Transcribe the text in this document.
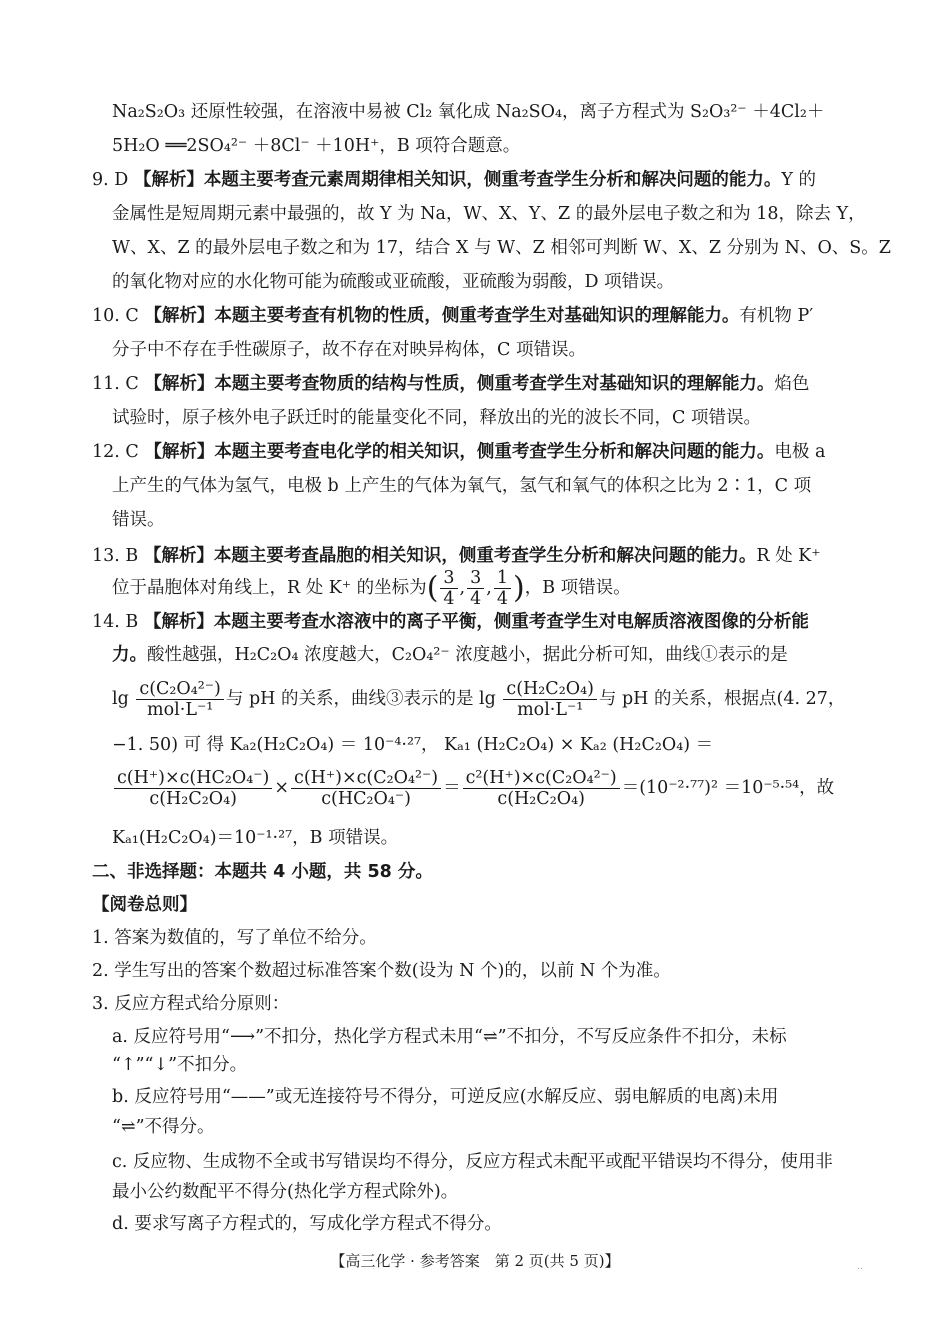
Na₂S₂O₃ 还原性较强，在溶液中易被 Cl₂ 氧化成 Na₂SO₄，离子方程式为 S₂O₃²⁻ ＋4Cl₂＋
5H₂O ══2SO₄²⁻ ＋8Cl⁻ ＋10H⁺，B 项符合题意。
9. D 【解析】本题主要考查元素周期律相关知识，侧重考查学生分析和解决问题的能力。Y 的
金属性是短周期元素中最强的，故 Y 为 Na，W、X、Y、Z 的最外层电子数之和为 18，除去 Y，
W、X、Z 的最外层电子数之和为 17，结合 X 与 W、Z 相邻可判断 W、X、Z 分别为 N、O、S。Z
的氧化物对应的水化物可能为硫酸或亚硫酸，亚硫酸为弱酸，D 项错误。
10. C 【解析】本题主要考查有机物的性质，侧重考查学生对基础知识的理解能力。有机物 P′
分子中不存在手性碳原子，故不存在对映异构体，C 项错误。
11. C 【解析】本题主要考查物质的结构与性质，侧重考查学生对基础知识的理解能力。焰色
试验时，原子核外电子跃迁时的能量变化不同，释放出的光的波长不同，C 项错误。
12. C 【解析】本题主要考查电化学的相关知识，侧重考查学生分析和解决问题的能力。电极 a
上产生的气体为氢气，电极 b 上产生的气体为氧气，氢气和氧气的体积之比为 2∶1，C 项
错误。
13. B 【解析】本题主要考查晶胞的相关知识，侧重考查学生分析和解决问题的能力。R 处 K⁺
位于晶胞体对角线上，R 处 K⁺ 的坐标为( $\frac{3}{4}$ , $\frac{3}{4}$ , $\frac{1}{4}$ )，B 项错误。
14. B 【解析】本题主要考查水溶液中的离子平衡，侧重考查学生对电解质溶液图像的分析能
力。酸性越强，H₂C₂O₄ 浓度越大，C₂O₄²⁻ 浓度越小，据此分析可知，曲线①表示的是
$\lg \frac{\text{c(C₂O₄²⁻)}}{\text{mol·L⁻¹}}$ 与 pH 的关系，曲线③表示的是 $\lg \frac{\text{c(H₂C₂O₄)}}{\text{mol·L⁻¹}}$ 与 pH 的关系，根据点(4. 27，
−1. 50) 可 得 Kₐ₂(H₂C₂O₄) ＝ 10⁻⁴·²⁷， Kₐ₁ (H₂C₂O₄) × Kₐ₂ (H₂C₂O₄) ＝
$\frac{\text{c(H⁺)×c(HC₂O₄⁻)}}{\text{c(H₂C₂O₄)}} \times \frac{\text{c(H⁺)×c(C₂O₄²⁻)}}{\text{c(HC₂O₄⁻)}} = \frac{\text{c²(H⁺)×c(C₂O₄²⁻)}}{\text{c(H₂C₂O₄)}} =(10^{-2}\cdot^{77})^2 =10^{-5}\cdot^{54}$，故
Kₐ₁(H₂C₂O₄)＝10⁻¹·²⁷，B 项错误。
二、非选择题：本题共 4 小题，共 58 分。
【阅卷总则】
1. 答案为数值的，写了单位不给分。
2. 学生写出的答案个数超过标准答案个数(设为 N 个)的，以前 N 个为准。
3. 反应方程式给分原则：
a. 反应符号用“⟶”不扣分，热化学方程式未用“⇌”不扣分，不写反应条件不扣分，未标
“↑”“↓”不扣分。
b. 反应符号用“——”或无连接符号不得分，可逆反应(水解反应、弱电解质的电离)未用
“⇌”不得分。
c. 反应物、生成物不全或书写错误均不得分，反应方程式未配平或配平错误均不得分，使用非
最小公约数配平不得分(热化学方程式除外)。
d. 要求写离子方程式的，写成化学方程式不得分。
【高三化学 · 参考答案　第 2 页(共 5 页)】	..
